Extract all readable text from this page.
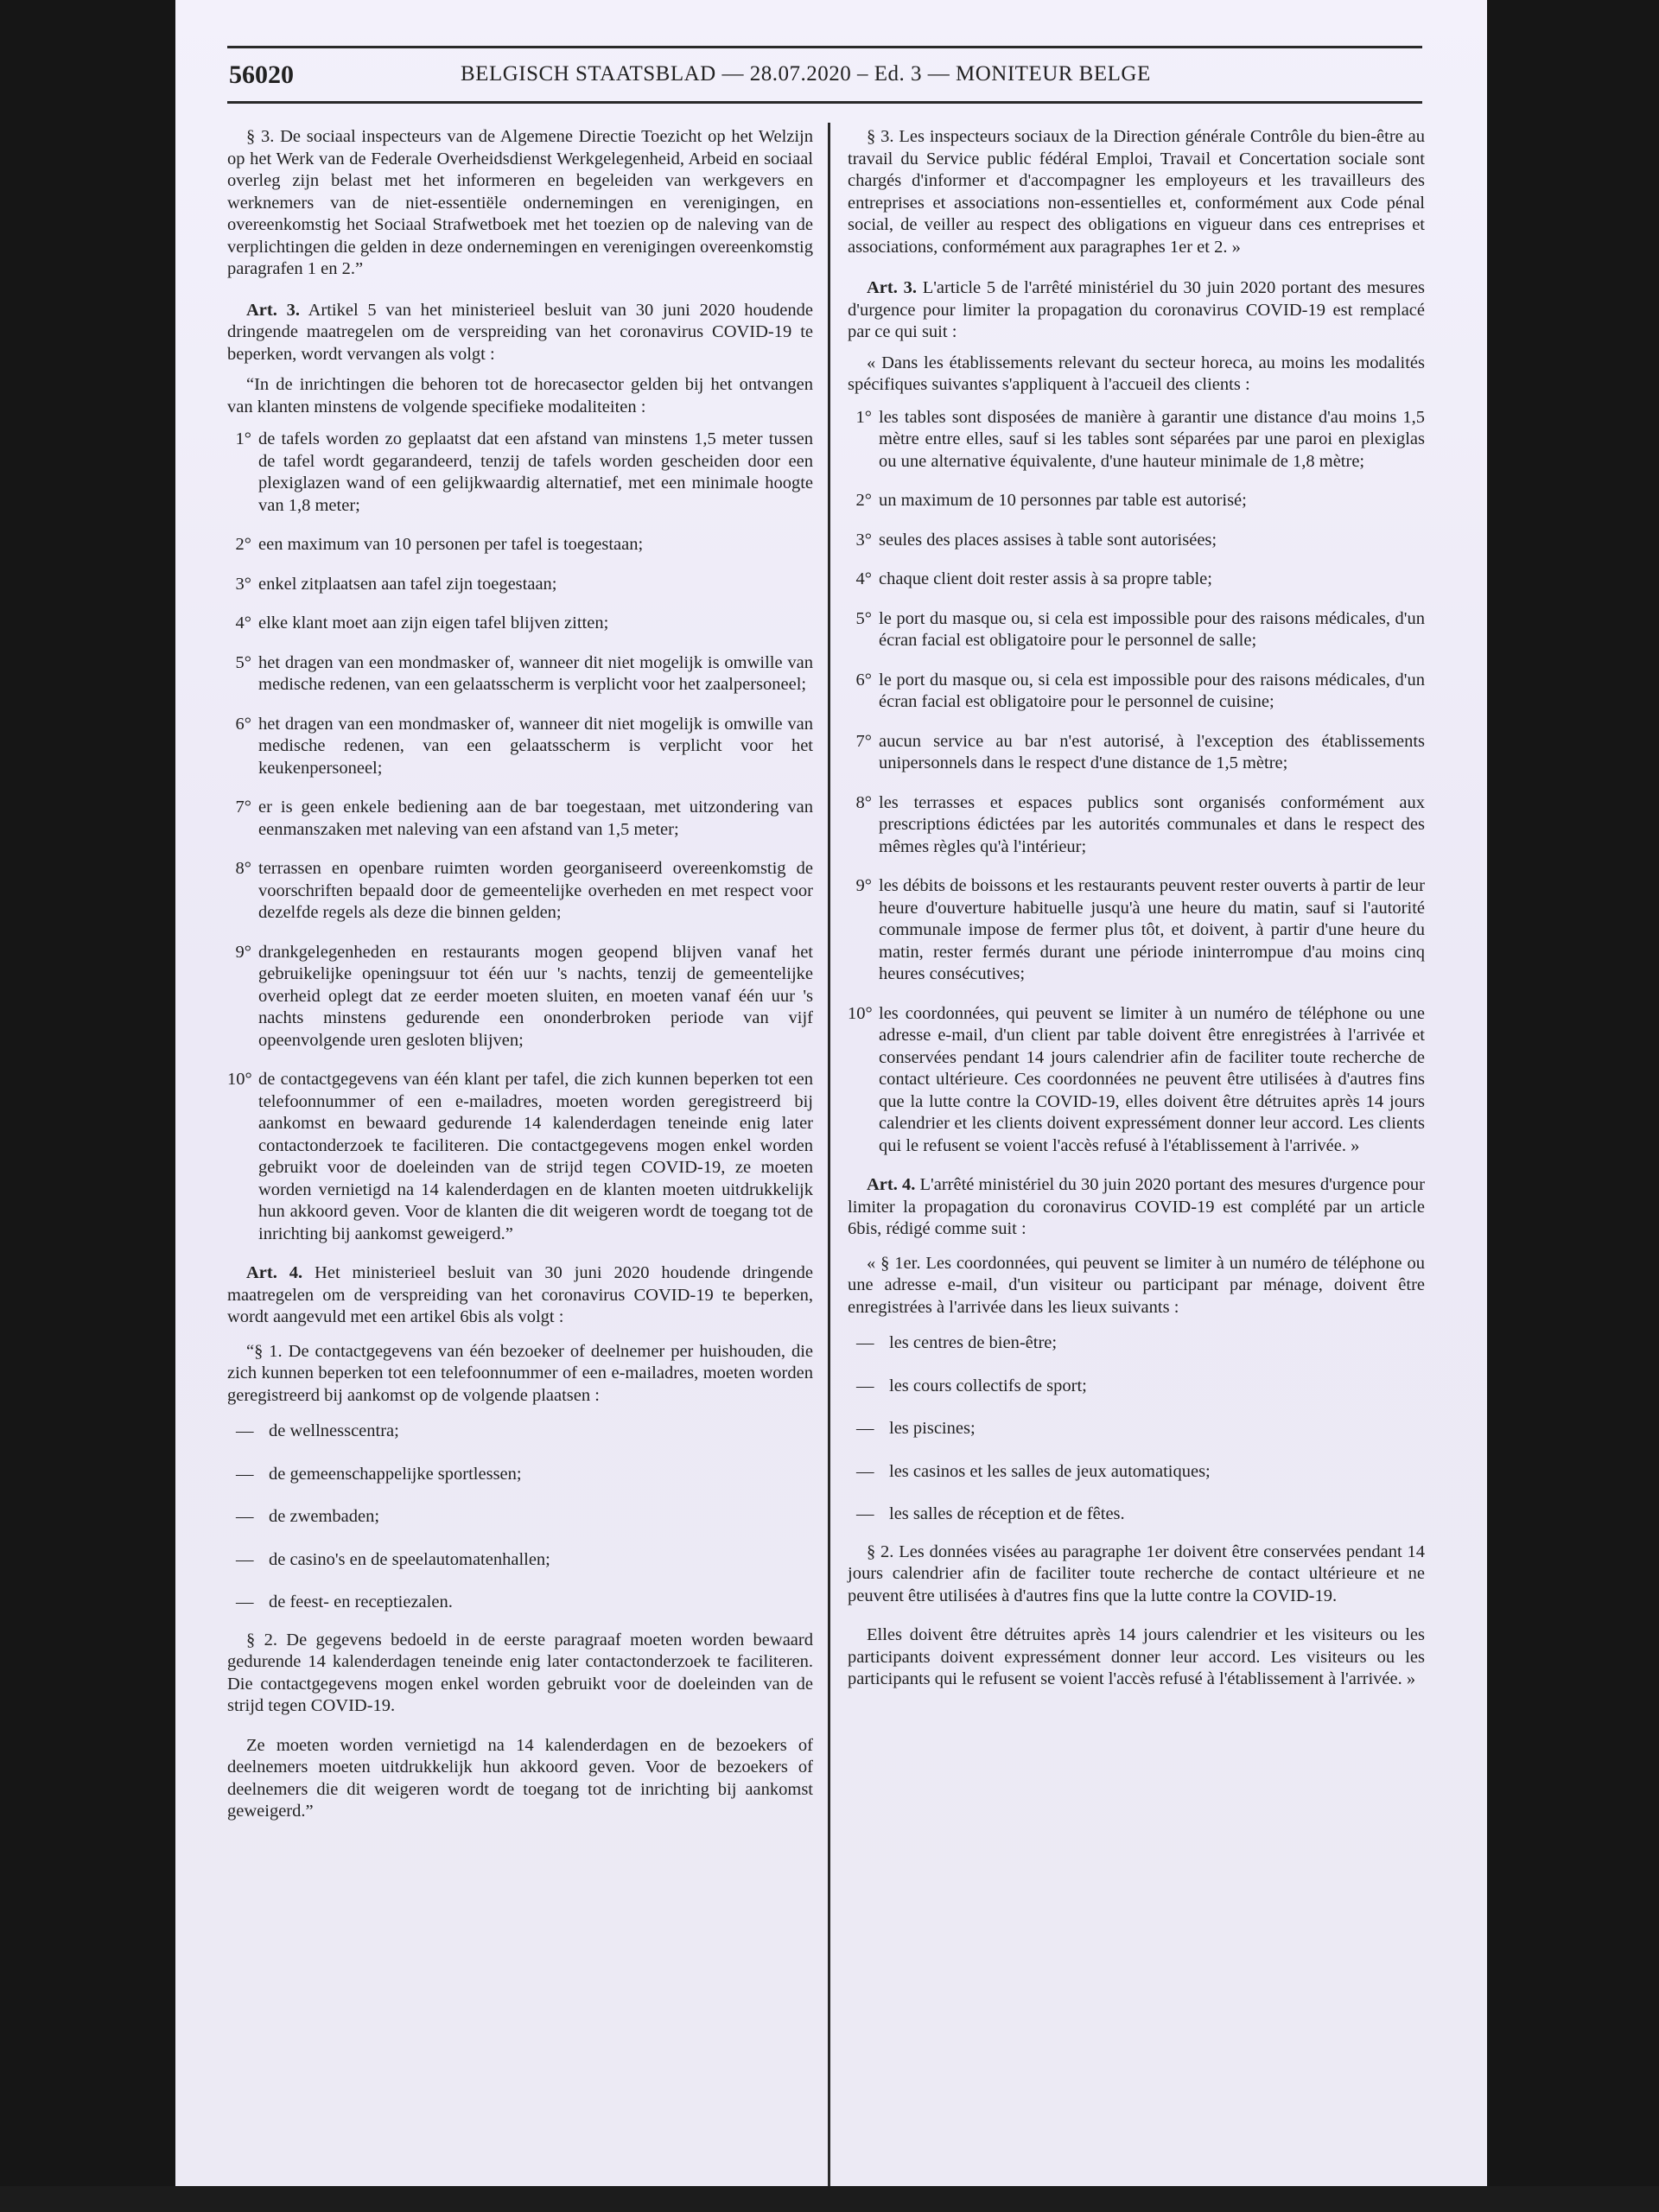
56020	BELGISCH STAATSBLAD — 28.07.2020 – Ed. 3 — MONITEUR BELGE

§ 3. De sociaal inspecteurs van de Algemene Directie Toezicht op het Welzijn op het Werk van de Federale Overheidsdienst Werkgelegenheid, Arbeid en sociaal overleg zijn belast met het informeren en begeleiden van werkgevers en werknemers van de niet-essentiële ondernemingen en verenigingen, en overeenkomstig het Sociaal Strafwetboek met het toezien op de naleving van de verplichtingen die gelden in deze ondernemingen en verenigingen overeenkomstig paragrafen 1 en 2.”

Art. 3. Artikel 5 van het ministerieel besluit van 30 juni 2020 houdende dringende maatregelen om de verspreiding van het coronavirus COVID-19 te beperken, wordt vervangen als volgt :

“In de inrichtingen die behoren tot de horecasector gelden bij het ontvangen van klanten minstens de volgende specifieke modaliteiten :

1° de tafels worden zo geplaatst dat een afstand van minstens 1,5 meter tussen de tafel wordt gegarandeerd, tenzij de tafels worden gescheiden door een plexiglazen wand of een gelijkwaardig alternatief, met een minimale hoogte van 1,8 meter;
2° een maximum van 10 personen per tafel is toegestaan;
3° enkel zitplaatsen aan tafel zijn toegestaan;
4° elke klant moet aan zijn eigen tafel blijven zitten;
5° het dragen van een mondmasker of, wanneer dit niet mogelijk is omwille van medische redenen, van een gelaatsscherm is verplicht voor het zaalpersoneel;
6° het dragen van een mondmasker of, wanneer dit niet mogelijk is omwille van medische redenen, van een gelaatsscherm is verplicht voor het keukenpersoneel;
7° er is geen enkele bediening aan de bar toegestaan, met uitzondering van eenmanszaken met naleving van een afstand van 1,5 meter;
8° terrassen en openbare ruimten worden georganiseerd overeenkomstig de voorschriften bepaald door de gemeentelijke overheden en met respect voor dezelfde regels als deze die binnen gelden;
9° drankgelegenheden en restaurants mogen geopend blijven vanaf het gebruikelijke openingsuur tot één uur 's nachts, tenzij de gemeentelijke overheid oplegt dat ze eerder moeten sluiten, en moeten vanaf één uur 's nachts minstens gedurende een ononderbroken periode van vijf opeenvolgende uren gesloten blijven;
10° de contactgegevens van één klant per tafel, die zich kunnen beperken tot een telefoonnummer of een e-mailadres, moeten worden geregistreerd bij aankomst en bewaard gedurende 14 kalenderdagen teneinde enig later contactonderzoek te faciliteren. Die contactgegevens mogen enkel worden gebruikt voor de doeleinden van de strijd tegen COVID-19, ze moeten worden vernietigd na 14 kalenderdagen en de klanten moeten uitdrukkelijk hun akkoord geven. Voor de klanten die dit weigeren wordt de toegang tot de inrichting bij aankomst geweigerd.”

Art. 4. Het ministerieel besluit van 30 juni 2020 houdende dringende maatregelen om de verspreiding van het coronavirus COVID-19 te beperken, wordt aangevuld met een artikel 6bis als volgt :

“§ 1. De contactgegevens van één bezoeker of deelnemer per huishouden, die zich kunnen beperken tot een telefoonnummer of een e-mailadres, moeten worden geregistreerd bij aankomst op de volgende plaatsen :

— de wellnesscentra;
— de gemeenschappelijke sportlessen;
— de zwembaden;
— de casino's en de speelautomatenhallen;
— de feest- en receptiezalen.

§ 2. De gegevens bedoeld in de eerste paragraaf moeten worden bewaard gedurende 14 kalenderdagen teneinde enig later contactonderzoek te faciliteren. Die contactgegevens mogen enkel worden gebruikt voor de doeleinden van de strijd tegen COVID-19.

Ze moeten worden vernietigd na 14 kalenderdagen en de bezoekers of deelnemers moeten uitdrukkelijk hun akkoord geven. Voor de bezoekers of deelnemers die dit weigeren wordt de toegang tot de inrichting bij aankomst geweigerd.”

§ 3. Les inspecteurs sociaux de la Direction générale Contrôle du bien-être au travail du Service public fédéral Emploi, Travail et Concertation sociale sont chargés d'informer et d'accompagner les employeurs et les travailleurs des entreprises et associations non-essentielles et, conformément aux Code pénal social, de veiller au respect des obligations en vigueur dans ces entreprises et associations, conformément aux paragraphes 1er et 2. »

Art. 3. L'article 5 de l'arrêté ministériel du 30 juin 2020 portant des mesures d'urgence pour limiter la propagation du coronavirus COVID-19 est remplacé par ce qui suit :

« Dans les établissements relevant du secteur horeca, au moins les modalités spécifiques suivantes s'appliquent à l'accueil des clients :

1° les tables sont disposées de manière à garantir une distance d'au moins 1,5 mètre entre elles, sauf si les tables sont séparées par une paroi en plexiglas ou une alternative équivalente, d'une hauteur minimale de 1,8 mètre;
2° un maximum de 10 personnes par table est autorisé;
3° seules des places assises à table sont autorisées;
4° chaque client doit rester assis à sa propre table;
5° le port du masque ou, si cela est impossible pour des raisons médicales, d'un écran facial est obligatoire pour le personnel de salle;
6° le port du masque ou, si cela est impossible pour des raisons médicales, d'un écran facial est obligatoire pour le personnel de cuisine;
7° aucun service au bar n'est autorisé, à l'exception des établissements unipersonnels dans le respect d'une distance de 1,5 mètre;
8° les terrasses et espaces publics sont organisés conformément aux prescriptions édictées par les autorités communales et dans le respect des mêmes règles qu'à l'intérieur;
9° les débits de boissons et les restaurants peuvent rester ouverts à partir de leur heure d'ouverture habituelle jusqu'à une heure du matin, sauf si l'autorité communale impose de fermer plus tôt, et doivent, à partir d'une heure du matin, rester fermés durant une période ininterrompue d'au moins cinq heures consécutives;
10° les coordonnées, qui peuvent se limiter à un numéro de téléphone ou une adresse e-mail, d'un client par table doivent être enregistrées à l'arrivée et conservées pendant 14 jours calendrier afin de faciliter toute recherche de contact ultérieure. Ces coordonnées ne peuvent être utilisées à d'autres fins que la lutte contre la COVID-19, elles doivent être détruites après 14 jours calendrier et les clients doivent expressément donner leur accord. Les clients qui le refusent se voient l'accès refusé à l'établissement à l'arrivée. »

Art. 4. L'arrêté ministériel du 30 juin 2020 portant des mesures d'urgence pour limiter la propagation du coronavirus COVID-19 est complété par un article 6bis, rédigé comme suit :

« § 1er. Les coordonnées, qui peuvent se limiter à un numéro de téléphone ou une adresse e-mail, d'un visiteur ou participant par ménage, doivent être enregistrées à l'arrivée dans les lieux suivants :

— les centres de bien-être;
— les cours collectifs de sport;
— les piscines;
— les casinos et les salles de jeux automatiques;
— les salles de réception et de fêtes.

§ 2. Les données visées au paragraphe 1er doivent être conservées pendant 14 jours calendrier afin de faciliter toute recherche de contact ultérieure et ne peuvent être utilisées à d'autres fins que la lutte contre la COVID-19.

Elles doivent être détruites après 14 jours calendrier et les visiteurs ou les participants doivent expressément donner leur accord. Les visiteurs ou les participants qui le refusent se voient l'accès refusé à l'établissement à l'arrivée. »
